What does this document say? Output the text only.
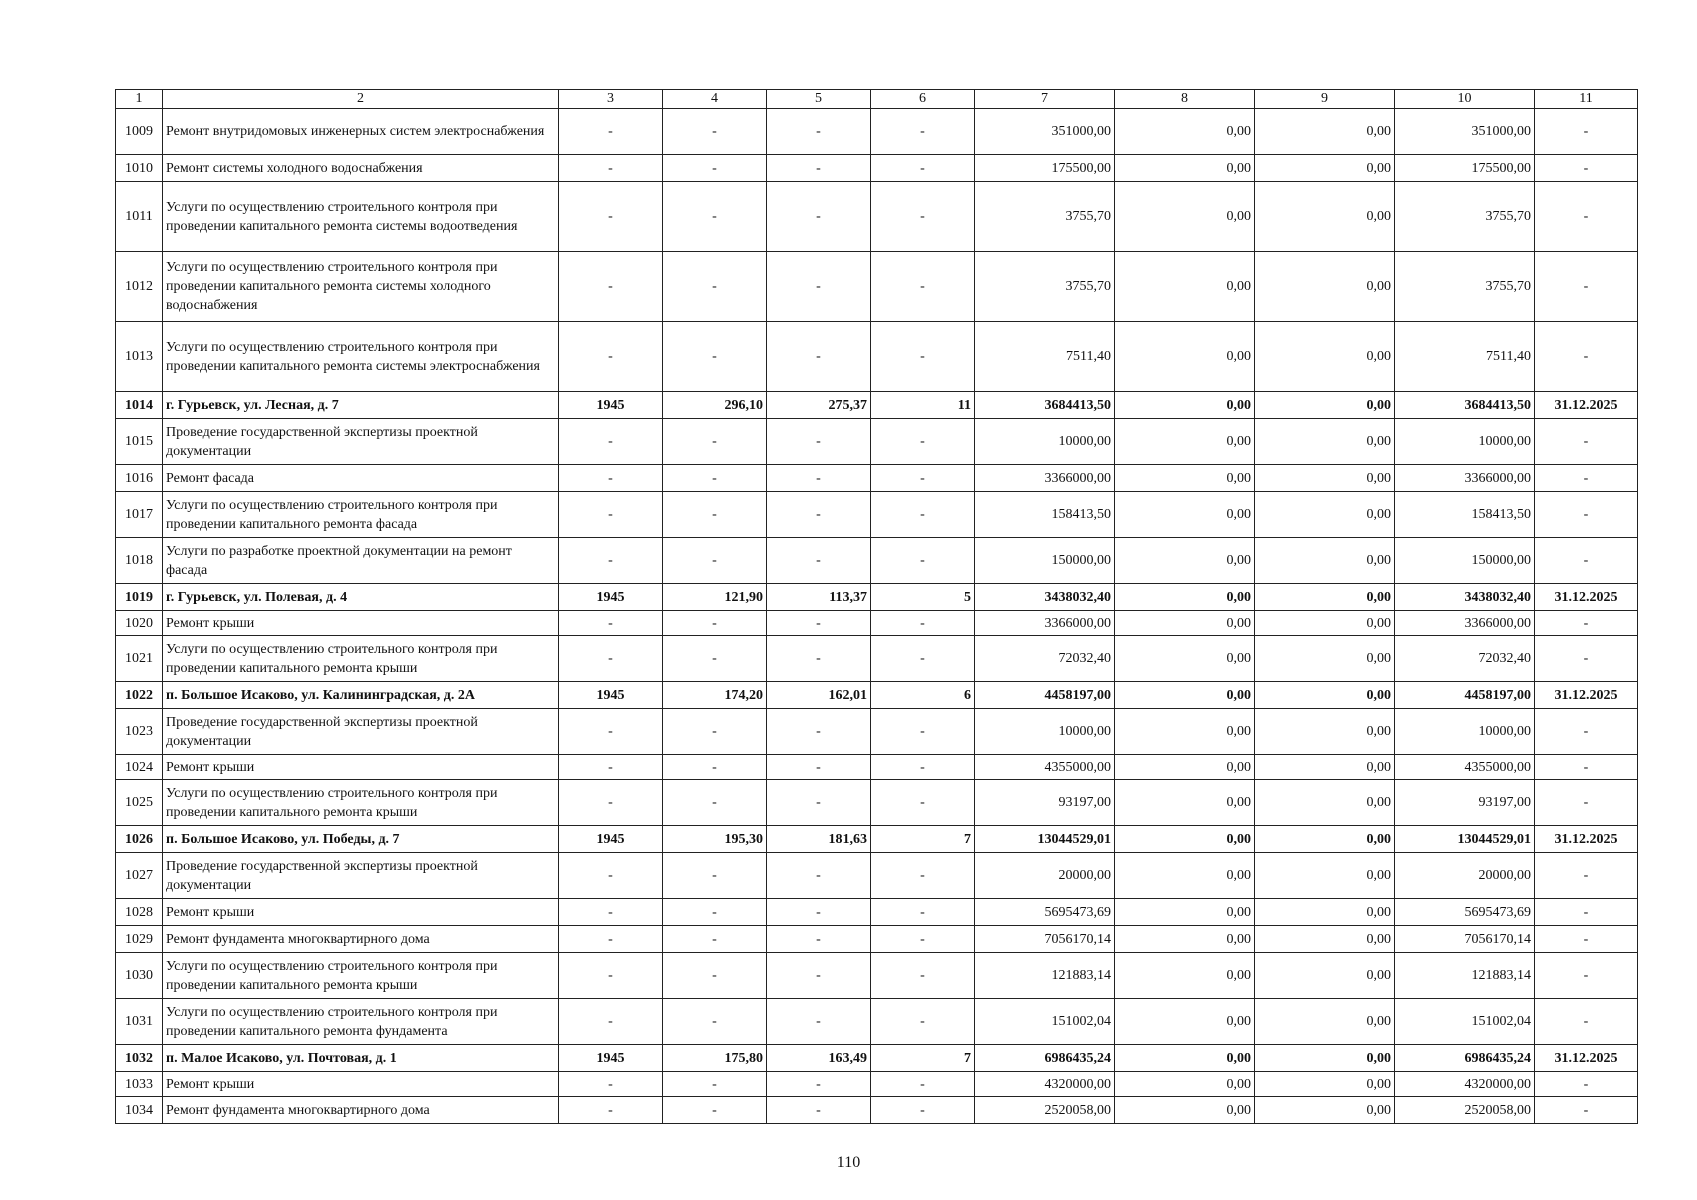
1	2	3	4	5	6	7	8	9	10	11
1009	Ремонт внутридомовых инженерных систем электроснабжения	-	-	-	-	351000,00	0,00	0,00	351000,00	-
1010	Ремонт системы холодного водоснабжения	-	-	-	-	175500,00	0,00	0,00	175500,00	-
1011	Услуги по осуществлению строительного контроля при проведении капитального ремонта системы водоотведения	-	-	-	-	3755,70	0,00	0,00	3755,70	-
1012	Услуги по осуществлению строительного контроля при проведении капитального ремонта системы холодного водоснабжения	-	-	-	-	3755,70	0,00	0,00	3755,70	-
1013	Услуги по осуществлению строительного контроля при проведении капитального ремонта системы электроснабжения	-	-	-	-	7511,40	0,00	0,00	7511,40	-
1014	г. Гурьевск, ул. Лесная, д. 7	1945	296,10	275,37	11	3684413,50	0,00	0,00	3684413,50	31.12.2025
1015	Проведение государственной экспертизы проектной документации	-	-	-	-	10000,00	0,00	0,00	10000,00	-
1016	Ремонт фасада	-	-	-	-	3366000,00	0,00	0,00	3366000,00	-
1017	Услуги по осуществлению строительного контроля при проведении капитального ремонта фасада	-	-	-	-	158413,50	0,00	0,00	158413,50	-
1018	Услуги по разработке проектной документации на ремонт фасада	-	-	-	-	150000,00	0,00	0,00	150000,00	-
1019	г. Гурьевск, ул. Полевая, д. 4	1945	121,90	113,37	5	3438032,40	0,00	0,00	3438032,40	31.12.2025
1020	Ремонт крыши	-	-	-	-	3366000,00	0,00	0,00	3366000,00	-
1021	Услуги по осуществлению строительного контроля при проведении капитального ремонта крыши	-	-	-	-	72032,40	0,00	0,00	72032,40	-
1022	п. Большое Исаково, ул. Калининградская, д. 2А	1945	174,20	162,01	6	4458197,00	0,00	0,00	4458197,00	31.12.2025
1023	Проведение государственной экспертизы проектной документации	-	-	-	-	10000,00	0,00	0,00	10000,00	-
1024	Ремонт крыши	-	-	-	-	4355000,00	0,00	0,00	4355000,00	-
1025	Услуги по осуществлению строительного контроля при проведении капитального ремонта крыши	-	-	-	-	93197,00	0,00	0,00	93197,00	-
1026	п. Большое Исаково, ул. Победы, д. 7	1945	195,30	181,63	7	13044529,01	0,00	0,00	13044529,01	31.12.2025
1027	Проведение государственной экспертизы проектной документации	-	-	-	-	20000,00	0,00	0,00	20000,00	-
1028	Ремонт крыши	-	-	-	-	5695473,69	0,00	0,00	5695473,69	-
1029	Ремонт фундамента многоквартирного дома	-	-	-	-	7056170,14	0,00	0,00	7056170,14	-
1030	Услуги по осуществлению строительного контроля при проведении капитального ремонта крыши	-	-	-	-	121883,14	0,00	0,00	121883,14	-
1031	Услуги по осуществлению строительного контроля при проведении капитального ремонта фундамента	-	-	-	-	151002,04	0,00	0,00	151002,04	-
1032	п. Малое Исаково, ул. Почтовая, д. 1	1945	175,80	163,49	7	6986435,24	0,00	0,00	6986435,24	31.12.2025
1033	Ремонт крыши	-	-	-	-	4320000,00	0,00	0,00	4320000,00	-
1034	Ремонт фундамента многоквартирного дома	-	-	-	-	2520058,00	0,00	0,00	2520058,00	-
110
